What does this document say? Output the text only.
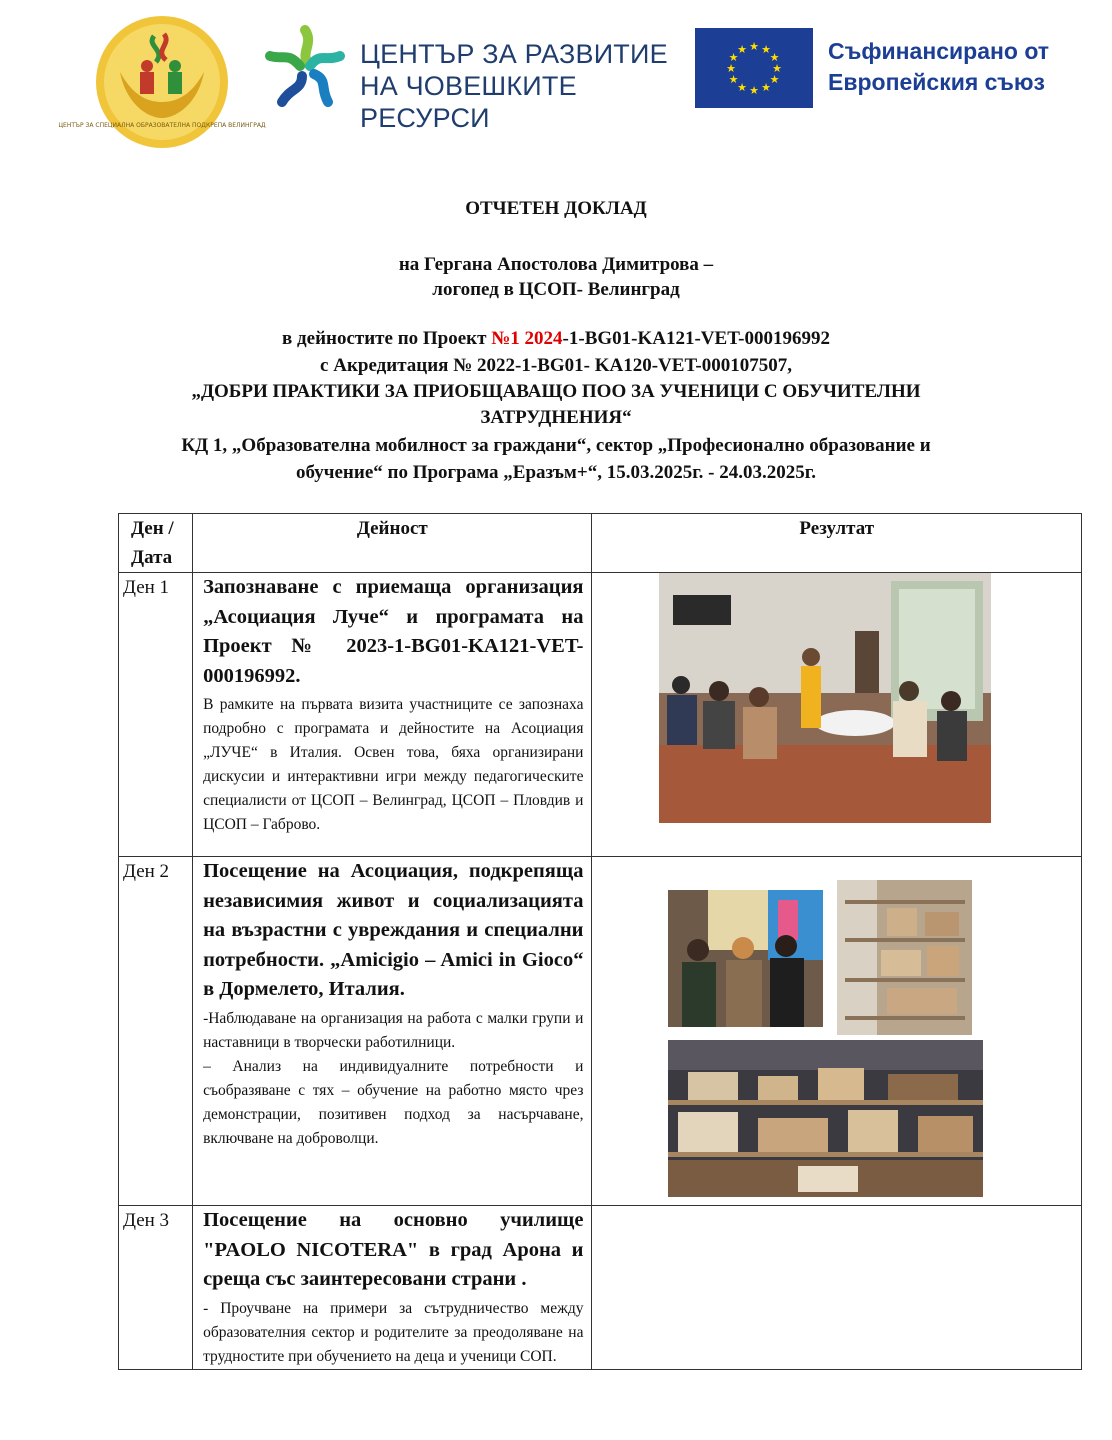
ЦЕНТЪР ЗА СПЕЦИАЛНА ОБРАЗОВАТЕЛНА ПОДКРЕПА ВЕЛИНГРАД
ЦЕНТЪР ЗА РАЗВИТИЕ
НА ЧОВЕШКИТЕ РЕСУРСИ
★ ★
★
★
★
★
★
★
★
★
★
★	Съфинансирано от
Европейския съюз
ОТЧЕТЕН ДОКЛАД
на Гергана Апостолова Димитрова –
логопед в ЦСОП- Велинград
в дейностите по Проект №1 2024-1-BG01-KA121-VET-000196992
с Акредитация № 2022-1-BG01- KA120-VET-000107507,
„ДОБРИ ПРАКТИКИ ЗА ПРИОБЩАВАЩО ПОО ЗА УЧЕНИЦИ С ОБУЧИТЕЛНИ
ЗАТРУДНЕНИЯ“
КД 1, „Образователна мобилност за граждани“, сектор „Професионално образование и
обучение“ по Програма „Еразъм+“, 15.03.2025г. - 24.03.2025г.
Ден / Дата	Дейност	Резултат
Ден 1	Запознаване с приемаща организация „Асоциация Луче“ и програмата на Проект № 2023-1-BG01-KA121-VET-000196992.
В рамките на първата визита участниците се запознаха подробно с програмата и дейностите на Асоциация „ЛУЧЕ“ в Италия. Освен това, бяха организирани дискусии и интерактивни игри между педагогическите специалисти от ЦСОП – Велинград, ЦСОП – Пловдив и ЦСОП – Габрово.	

Ден 2	Посещение на Асоциация, подкрепяща независимия живот и социализацията на възрастни с увреждания и специални потребности. „Amicigio – Amici in Gioco“ в Дормелето, Италия.
-Наблюдаване на организация на работа с малки групи и наставници в творчески работилници.
– Анализ на индивидуалните потребности и съобразяване с тях – обучение на работно място чрез демонстрации, позитивен подход за насърчаване, включване на доброволци.	

Ден 3	Посещение на основно училище "PAOLO NICOTERA" в град Арона и среща със заинтересовани страни .
- Проучване на примери за сътрудничество между образователния сектор и родителите за преодоляване на трудностите при обучението на деца и ученици СОП.	
